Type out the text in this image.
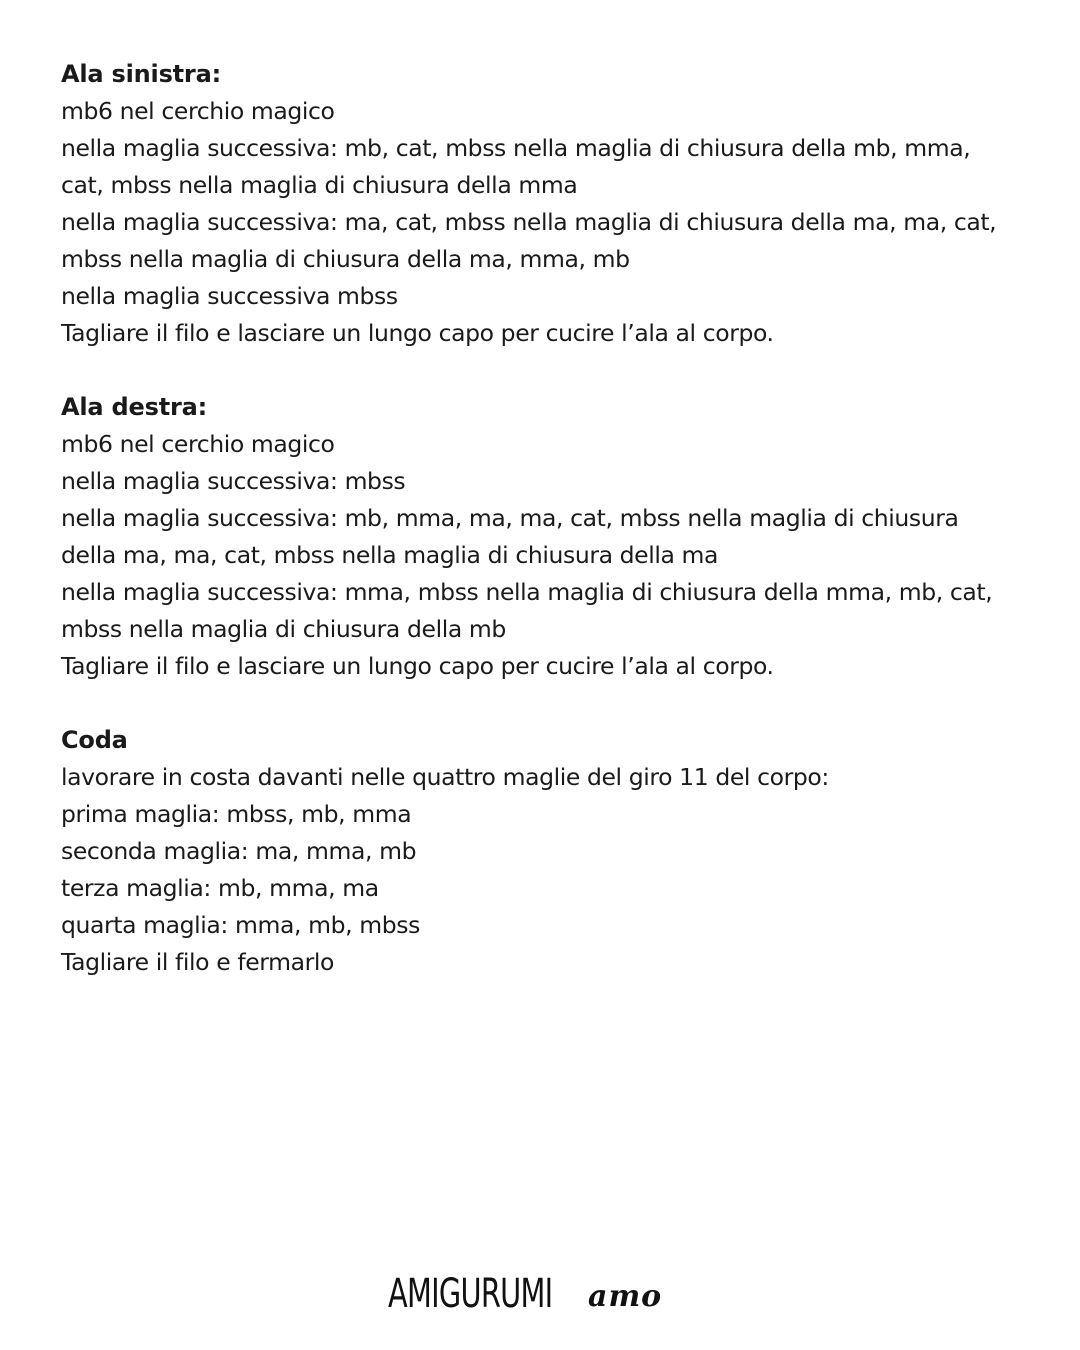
Ala sinistra:

mb6 nel cerchio magico

nella maglia successiva: mb, cat, mbss nella maglia di chiusura della mb, mma,

cat, mbss nella maglia di chiusura della mma

nella maglia successiva: ma, cat, mbss nella maglia di chiusura della ma, ma, cat,

mbss nella maglia di chiusura della ma, mma, mb

nella maglia successiva mbss

Tagliare il filo e lasciare un lungo capo per cucire l’ala al corpo.

Ala destra:

mb6 nel cerchio magico

nella maglia successiva: mbss

nella maglia successiva: mb, mma, ma, ma, cat, mbss nella maglia di chiusura

della ma, ma, cat, mbss nella maglia di chiusura della ma

nella maglia successiva: mma, mbss nella maglia di chiusura della mma, mb, cat,

mbss nella maglia di chiusura della mb

Tagliare il filo e lasciare un lungo capo per cucire l’ala al corpo.

Coda

lavorare in costa davanti nelle quattro maglie del giro 11 del corpo:

prima maglia: mbss, mb, mma

seconda maglia: ma, mma, mb

terza maglia: mb, mma, ma

quarta maglia: mma, mb, mbss

Tagliare il filo e fermarlo

AMIGURUMI amo
